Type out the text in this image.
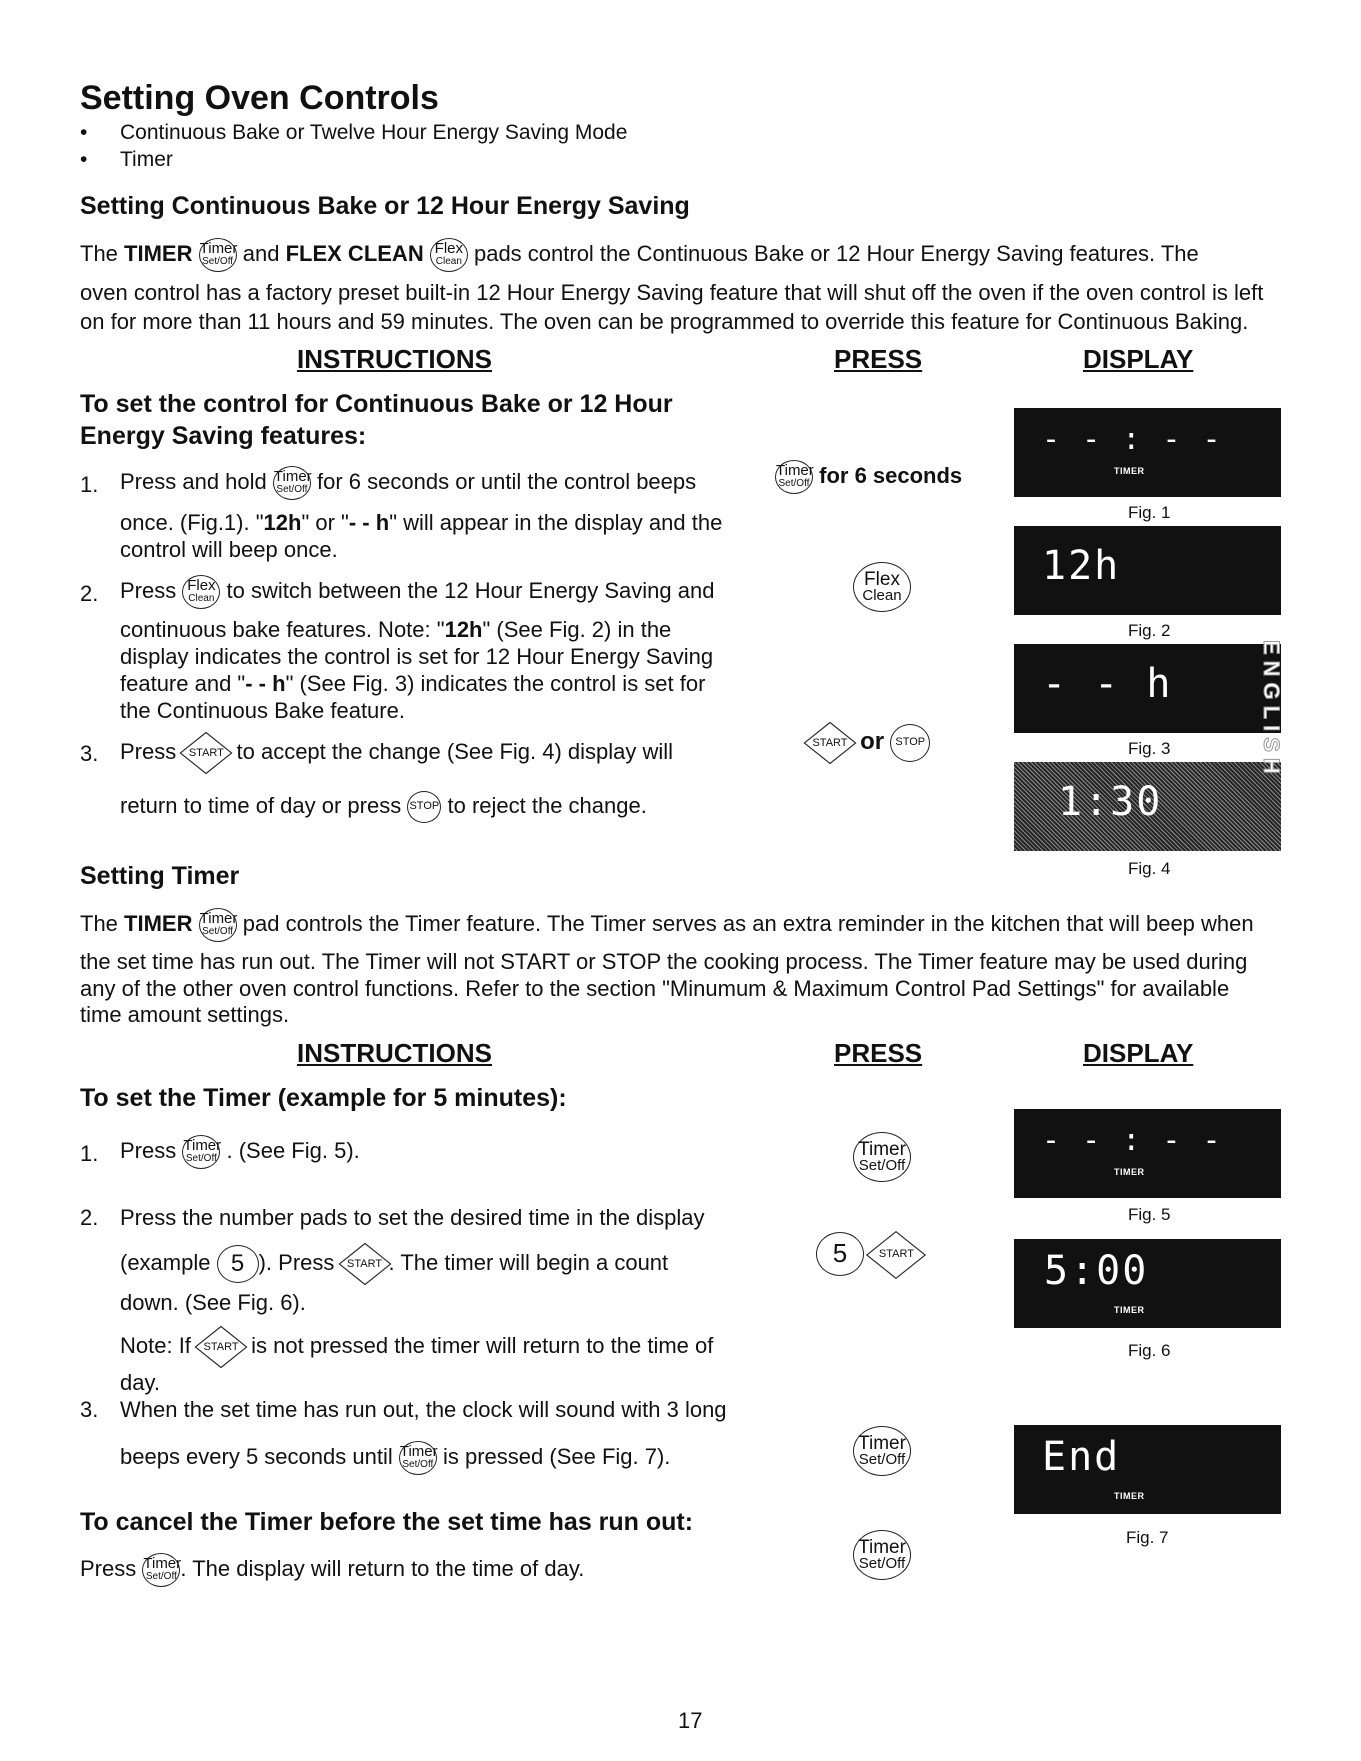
Setting Oven Controls
• Continuous Bake or Twelve Hour Energy Saving Mode
• Timer
Setting Continuous Bake or 12 Hour Energy Saving
The TIMER Timer
Set/Off and FLEX CLEAN Flex
Clean pads control the Continuous Bake or 12 Hour Energy Saving features. The
oven control has a factory preset built-in 12 Hour Energy Saving feature that will shut off the oven if the oven control is left
on for more than 11 hours and 59 minutes. The oven can be programmed to override this feature for Continuous Baking.
INSTRUCTIONS	PRESS	DISPLAY
To set the control for Continuous Bake or 12 Hour
Energy Saving features:
1. Press and hold Timer
Set/Off for 6 seconds or until the control beeps
once. (Fig.1). "12h" or "- - h" will appear in the display and the
control will beep once.
2. Press Flex
Clean to switch between the 12 Hour Energy Saving and
continuous bake features. Note: "12h" (See Fig. 2) in the
display indicates the control is set for 12 Hour Energy Saving
feature and "- - h" (See Fig. 3) indicates the control is set for
the Continuous Bake feature.
3. Press	START to accept the change (See Fig. 4) display will
return to time of day or press STOP to reject the change.
Timer
Set/Off for 6 seconds
Flex
Clean
START or STOP
- - : - -
TIMER
Fig. 1
12h
Fig. 2
- - h
Fig. 3
1:30
Fig. 4
ENGLISH
Setting Timer
The TIMER Timer
Set/Off pad controls the Timer feature. The Timer serves as an extra reminder in the kitchen that will beep when
the set time has run out. The Timer will not START or STOP the cooking process. The Timer feature may be used during
any of the other oven control functions. Refer to the section "Minumum & Maximum Control Pad Settings" for available
time amount settings.
INSTRUCTIONS	PRESS	DISPLAY
To set the Timer (example for 5 minutes):
1. Press Timer
Set/Off . (See Fig. 5).
2. Press the number pads to set the desired time in the display
(example 5 ). Press	START . The timer will begin a count
down. (See Fig. 6).
Note: If	START is not pressed the timer will return to the time of
day.
3. When the set time has run out, the clock will sound with 3 long
beeps every 5 seconds until Timer
Set/Off is pressed (See Fig. 7).
To cancel the Timer before the set time has run out:
Press Timer
Set/Off . The display will return to the time of day.
Timer
Set/Off
5	START
Timer
Set/Off
Timer
Set/Off
- - : - -
TIMER
Fig. 5
5:00
TIMER
Fig. 6
End
TIMER
Fig. 7
17
